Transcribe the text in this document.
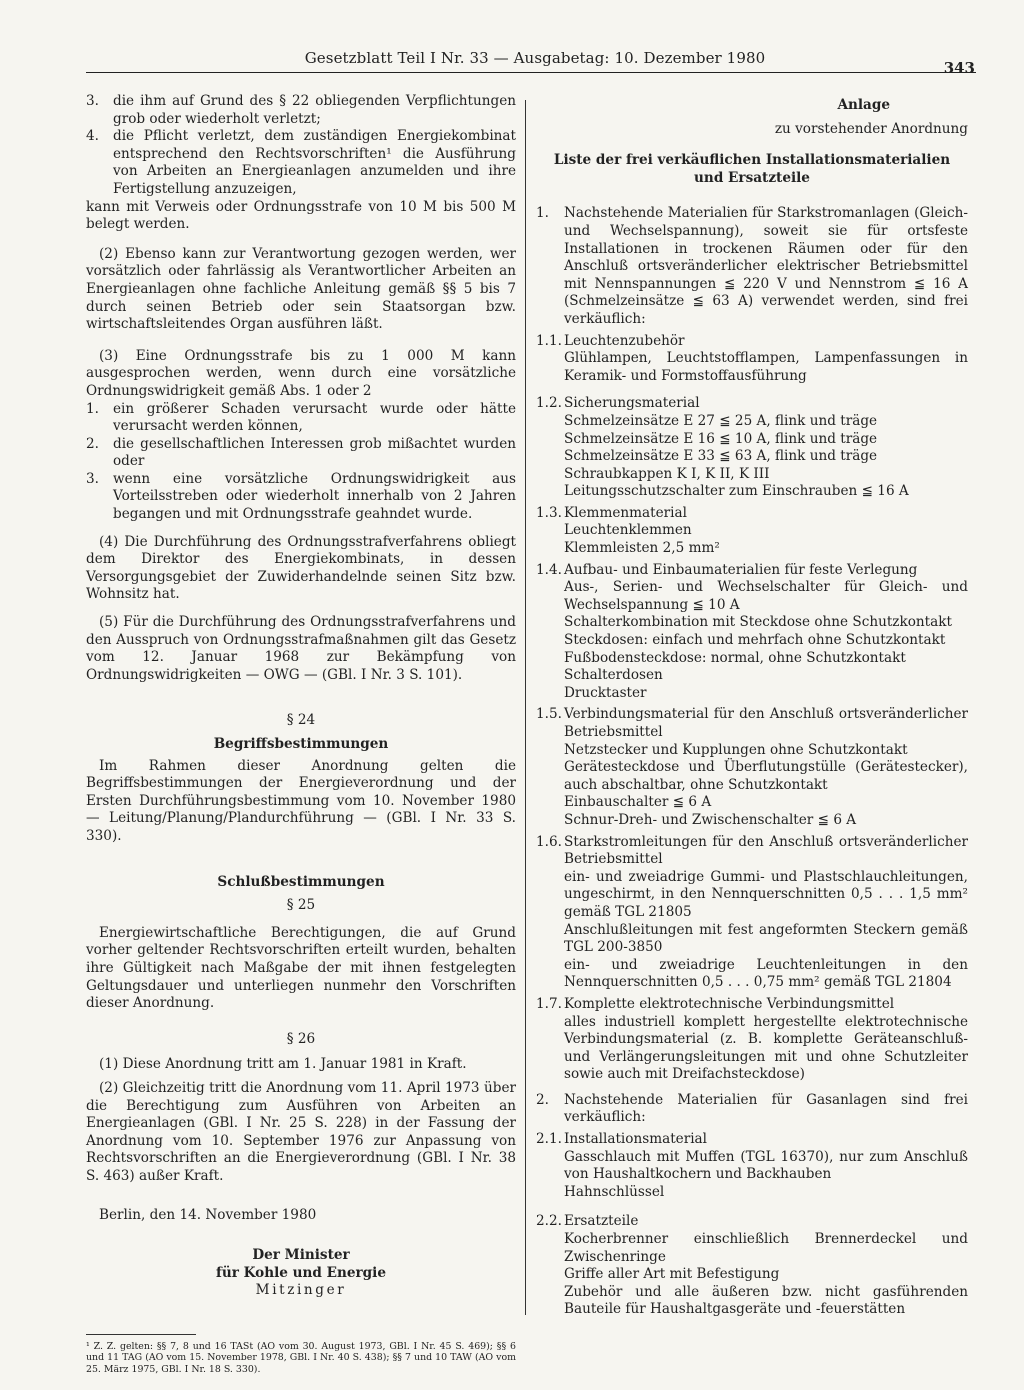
Gesetzblatt Teil I Nr. 33 — Ausgabetag: 10. Dezember 1980
343
3. die ihm auf Grund des § 22 obliegenden Verpflichtungen grob oder wiederholt verletzt;
4. die Pflicht verletzt, dem zuständigen Energiekombinat entsprechend den Rechtsvorschriften¹ die Ausführung von Arbeiten an Energieanlagen anzumelden und ihre Fertigstellung anzuzeigen,

kann mit Verweis oder Ordnungsstrafe von 10 M bis 500 M belegt werden.

(2) Ebenso kann zur Verantwortung gezogen werden, wer vorsätzlich oder fahrlässig als Verantwortlicher Arbeiten an Energieanlagen ohne fachliche Anleitung gemäß §§ 5 bis 7 durch seinen Betrieb oder sein Staatsorgan bzw. wirtschaftsleitendes Organ ausführen läßt.

(3) Eine Ordnungsstrafe bis zu 1 000 M kann ausgesprochen werden, wenn durch eine vorsätzliche Ordnungswidrigkeit gemäß Abs. 1 oder 2

1. ein größerer Schaden verursacht wurde oder hätte verursacht werden können,
2. die gesellschaftlichen Interessen grob mißachtet wurden oder
3. wenn eine vorsätzliche Ordnungswidrigkeit aus Vorteilsstreben oder wiederholt innerhalb von 2 Jahren begangen und mit Ordnungsstrafe geahndet wurde.

(4) Die Durchführung des Ordnungsstrafverfahrens obliegt dem Direktor des Energiekombinats, in dessen Versorgungsgebiet der Zuwiderhandelnde seinen Sitz bzw. Wohnsitz hat.

(5) Für die Durchführung des Ordnungsstrafverfahrens und den Ausspruch von Ordnungsstrafmaßnahmen gilt das Gesetz vom 12. Januar 1968 zur Bekämpfung von Ordnungswidrigkeiten — OWG — (GBl. I Nr. 3 S. 101).

§ 24

Begriffsbestimmungen

Im Rahmen dieser Anordnung gelten die Begriffsbestimmungen der Energieverordnung und der Ersten Durchführungsbestimmung vom 10. November 1980 — Leitung/Planung/Plandurchführung — (GBl. I Nr. 33 S. 330).

Schlußbestimmungen

§ 25

Energiewirtschaftliche Berechtigungen, die auf Grund vorher geltender Rechtsvorschriften erteilt wurden, behalten ihre Gültigkeit nach Maßgabe der mit ihnen festgelegten Geltungsdauer und unterliegen nunmehr den Vorschriften dieser Anordnung.

§ 26

(1) Diese Anordnung tritt am 1. Januar 1981 in Kraft.

(2) Gleichzeitig tritt die Anordnung vom 11. April 1973 über die Berechtigung zum Ausführen von Arbeiten an Energieanlagen (GBl. I Nr. 25 S. 228) in der Fassung der Anordnung vom 10. September 1976 zur Anpassung von Rechtsvorschriften an die Energieverordnung (GBl. I Nr. 38 S. 463) außer Kraft.

Berlin, den 14. November 1980

Der Minister

für Kohle und Energie

Mitzinger

¹ Z. Z. gelten: §§ 7, 8 und 16 TASt (AO vom 30. August 1973, GBl. I Nr. 45 S. 469); §§ 6 und 11 TAG (AO vom 15. November 1978, GBl. I Nr. 40 S. 438); §§ 7 und 10 TAW (AO vom 25. März 1975, GBl. I Nr. 18 S. 330).

Anlage

zu vorstehender Anordnung

Liste der frei verkäuflichen Installationsmaterialien

und Ersatzteile

1. Nachstehende Materialien für Starkstromanlagen (Gleich- und Wechselspannung), soweit sie für ortsfeste Installationen in trockenen Räumen oder für den Anschluß ortsveränderlicher elektrischer Betriebsmittel mit Nennspannungen ≦ 220 V und Nennstrom ≦ 16 A (Schmelzeinsätze ≦ 63 A) verwendet werden, sind frei verkäuflich:
1.1. Leuchtenzubehör
Glühlampen, Leuchtstofflampen, Lampenfassungen in Keramik- und Formstoffausführung
1.2. Sicherungsmaterial
Schmelzeinsätze E 27 ≦ 25 A, flink und träge
Schmelzeinsätze E 16 ≦ 10 A, flink und träge
Schmelzeinsätze E 33 ≦ 63 A, flink und träge
Schraubkappen K I, K II, K III
Leitungsschutzschalter zum Einschrauben ≦ 16 A
1.3. Klemmenmaterial
Leuchtenklemmen
Klemmleisten 2,5 mm²
1.4. Aufbau- und Einbaumaterialien für feste Verlegung
Aus-, Serien- und Wechselschalter für Gleich- und Wechselspannung ≦ 10 A
Schalterkombination mit Steckdose ohne Schutzkontakt
Steckdosen: einfach und mehrfach ohne Schutzkontakt
Fußbodensteckdose: normal, ohne Schutzkontakt
Schalterdosen
Drucktaster
1.5. Verbindungsmaterial für den Anschluß ortsveränderlicher Betriebsmittel
Netzstecker und Kupplungen ohne Schutzkontakt
Gerätesteckdose und Überflutungstülle (Gerätestecker), auch abschaltbar, ohne Schutzkontakt
Einbauschalter ≦ 6 A
Schnur-Dreh- und Zwischenschalter ≦ 6 A
1.6. Starkstromleitungen für den Anschluß ortsveränderlicher Betriebsmittel
ein- und zweiadrige Gummi- und Plastschlauchleitungen, ungeschirmt, in den Nennquerschnitten 0,5 . . . 1,5 mm² gemäß TGL 21805
Anschlußleitungen mit fest angeformten Steckern gemäß TGL 200-3850
ein- und zweiadrige Leuchtenleitungen in den Nennquerschnitten 0,5 . . . 0,75 mm² gemäß TGL 21804
1.7. Komplette elektrotechnische Verbindungsmittel
alles industriell komplett hergestellte elektrotechnische Verbindungsmaterial (z. B. komplette Geräteanschluß- und Verlängerungsleitungen mit und ohne Schutzleiter sowie auch mit Dreifachsteckdose)
2. Nachstehende Materialien für Gasanlagen sind frei verkäuflich:
2.1. Installationsmaterial
Gasschlauch mit Muffen (TGL 16370), nur zum Anschluß von Haushaltkochern und Backhauben
Hahnschlüssel
2.2. Ersatzteile
Kocherbrenner einschließlich Brennerdeckel und Zwischenringe
Griffe aller Art mit Befestigung
Zubehör und alle äußeren bzw. nicht gasführenden Bauteile für Haushaltgasgeräte und -feuerstätten
